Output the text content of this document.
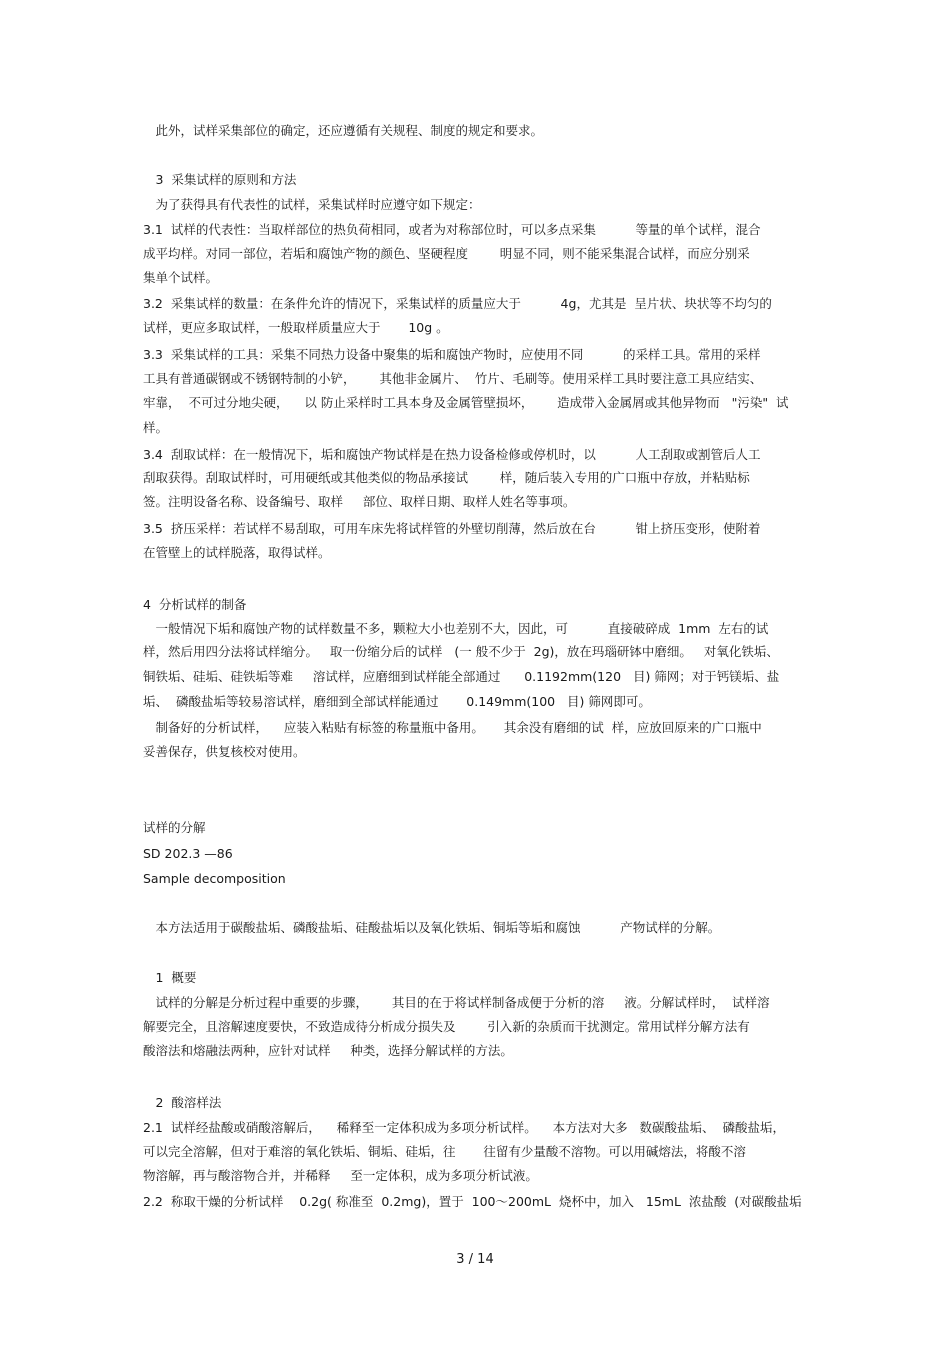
　此外，试样采集部位的确定，还应遵循有关规程、制度的规定和要求。

　3  采集试样的原则和方法

　为了获得具有代表性的试样，采集试样时应遵守如下规定：

3.1  试样的代表性：当取样部位的热负荷相同，或者为对称部位时，可以多点采集          等量的单个试样，混合

成平均样。对同一部位，若垢和腐蚀产物的颜色、坚硬程度        明显不同，则不能采集混合试样，而应分别采

集单个试样。

3.2  采集试样的数量：在条件允许的情况下，采集试样的质量应大于          4g，尤其是  呈片状、块状等不均匀的

试样，更应多取试样，一般取样质量应大于       10g 。

3.3  采集试样的工具：采集不同热力设备中聚集的垢和腐蚀产物时，应使用不同          的采样工具。常用的采样

工具有普通碳钢或不锈钢特制的小铲，      其他非金属片、  竹片、毛刷等。使用采样工具时要注意工具应结实、

牢靠，  不可过分地尖硬，    以 防止采样时工具本身及金属管壁损坏，      造成带入金属屑或其他异物而   "污染"  试

样。

3.4  刮取试样：在一般情况下，垢和腐蚀产物试样是在热力设备检修或停机时，以          人工刮取或割管后人工

刮取获得。刮取试样时，可用硬纸或其他类似的物品承接试        样，随后装入专用的广口瓶中存放，并粘贴标

签。注明设备名称、设备编号、取样     部位、取样日期、取样人姓名等事项。

3.5  挤压采样：若试样不易刮取，可用车床先将试样管的外壁切削薄，然后放在台          钳上挤压变形，使附着

在管壁上的试样脱落，取得试样。

4  分析试样的制备

　一般情况下垢和腐蚀产物的试样数量不多，颗粒大小也差别不大，因此，可          直接破碎成  1mm  左右的试

样，然后用四分法将试样缩分。   取一份缩分后的试样   (一 般不少于  2g)，放在玛瑙研钵中磨细。   对氧化铁垢、

铜铁垢、硅垢、硅铁垢等难     溶试样，应磨细到试样能全部通过      0.1192mm(120   目) 筛网；对于钙镁垢、盐

垢、  磷酸盐垢等较易溶试样，磨细到全部试样能通过       0.149mm(100   目) 筛网即可。

　制备好的分析试样，    应装入粘贴有标签的称量瓶中备用。     其余没有磨细的试  样，应放回原来的广口瓶中

妥善保存，供复核校对使用。

试样的分解

SD 202.3 —86

Sample decomposition

　本方法适用于碳酸盐垢、磷酸盐垢、硅酸盐垢以及氧化铁垢、铜垢等垢和腐蚀          产物试样的分解。

　1  概要

　试样的分解是分析过程中重要的步骤，      其目的在于将试样制备成便于分析的溶     液。分解试样时，  试样溶

解要完全，且溶解速度要快，不致造成待分析成分损失及        引入新的杂质而干扰测定。常用试样分解方法有

酸溶法和熔融法两种，应针对试样     种类，选择分解试样的方法。

　2  酸溶样法

2.1  试样经盐酸或硝酸溶解后，    稀释至一定体积成为多项分析试样。    本方法对大多   数碳酸盐垢、  磷酸盐垢，

可以完全溶解，但对于难溶的氧化铁垢、铜垢、硅垢，往       往留有少量酸不溶物。可以用碱熔法，将酸不溶

物溶解，再与酸溶物合并，并稀释     至一定体积，成为多项分析试液。

2.2  称取干燥的分析试样    0.2g( 称准至  0.2mg)，置于  100～200mL  烧杯中，加入   15mL  浓盐酸  (对碳酸盐垢

3 / 14
